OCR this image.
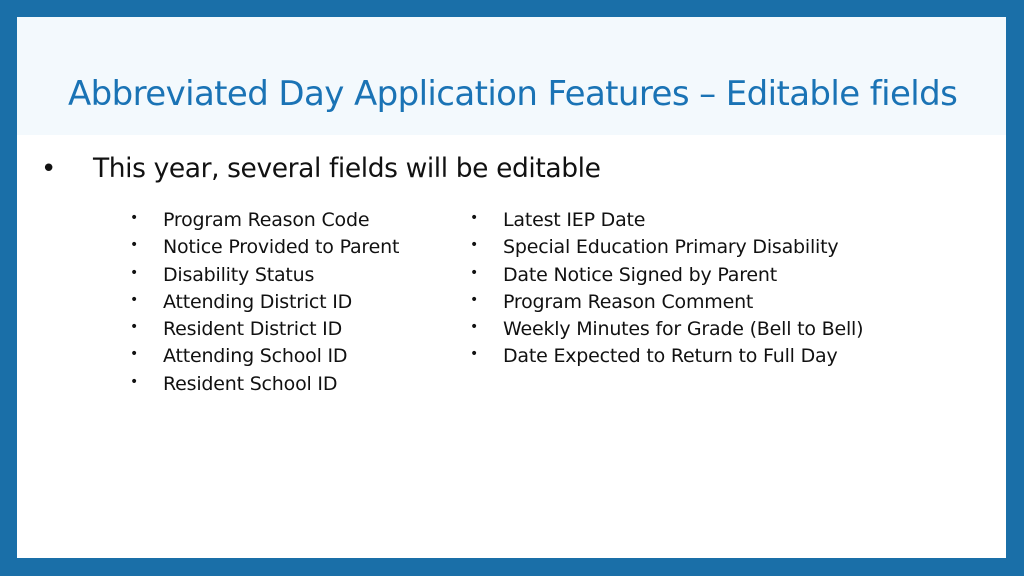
Abbreviated Day Application Features – Editable fields
• This year, several fields will be editable
• Program Reason Code
• Notice Provided to Parent
• Disability Status
• Attending District ID
• Resident District ID
• Attending School ID
• Resident School ID
• Latest IEP Date
• Special Education Primary Disability
• Date Notice Signed by Parent
• Program Reason Comment
• Weekly Minutes for Grade (Bell to Bell)
• Date Expected to Return to Full Day
